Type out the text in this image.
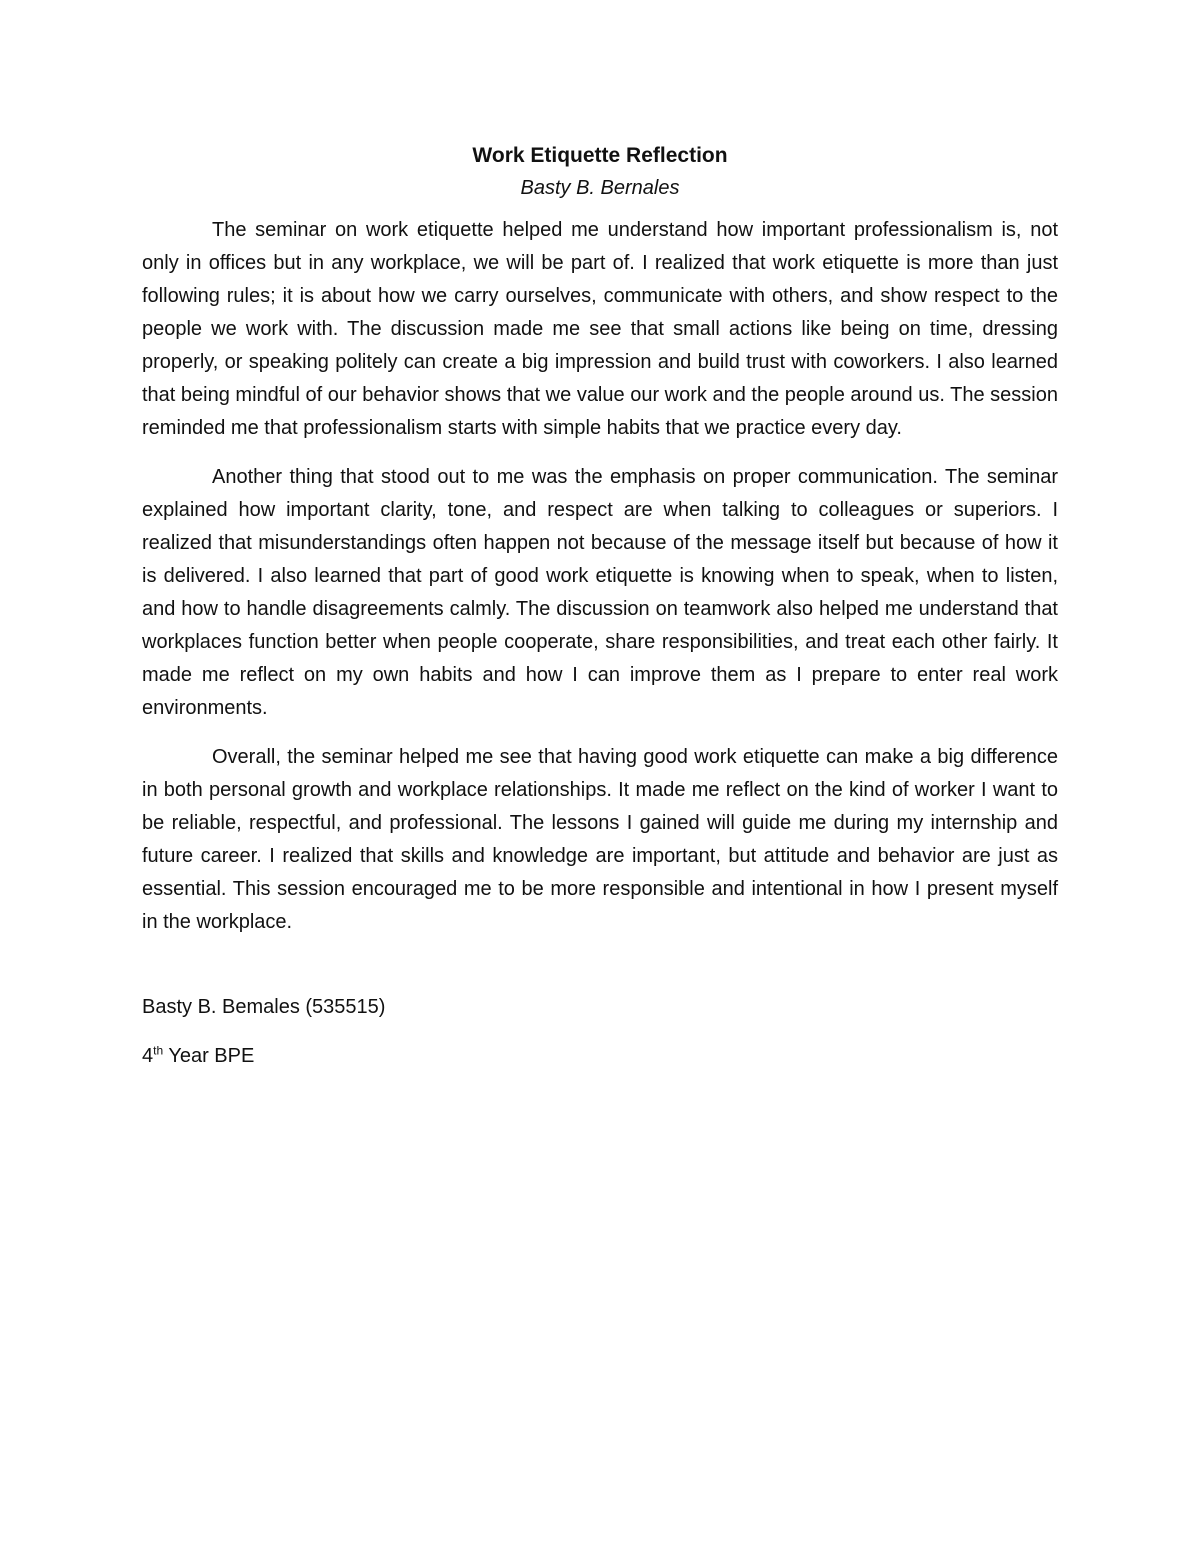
Work Etiquette Reflection

Basty B. Bernales

The seminar on work etiquette helped me understand how important professionalism is, not only in offices but in any workplace, we will be part of. I realized that work etiquette is more than just following rules; it is about how we carry ourselves, communicate with others, and show respect to the people we work with. The discussion made me see that small actions like being on time, dressing properly, or speaking politely can create a big impression and build trust with coworkers. I also learned that being mindful of our behavior shows that we value our work and the people around us. The session reminded me that professionalism starts with simple habits that we practice every day.

Another thing that stood out to me was the emphasis on proper communication. The seminar explained how important clarity, tone, and respect are when talking to colleagues or superiors. I realized that misunderstandings often happen not because of the message itself but because of how it is delivered. I also learned that part of good work etiquette is knowing when to speak, when to listen, and how to handle disagreements calmly. The discussion on teamwork also helped me understand that workplaces function better when people cooperate, share responsibilities, and treat each other fairly. It made me reflect on my own habits and how I can improve them as I prepare to enter real work environments.

Overall, the seminar helped me see that having good work etiquette can make a big difference in both personal growth and workplace relationships. It made me reflect on the kind of worker I want to be reliable, respectful, and professional. The lessons I gained will guide me during my internship and future career. I realized that skills and knowledge are important, but attitude and behavior are just as essential. This session encouraged me to be more responsible and intentional in how I present myself in the workplace.

Basty B. Bemales (535515)

4th Year BPE
